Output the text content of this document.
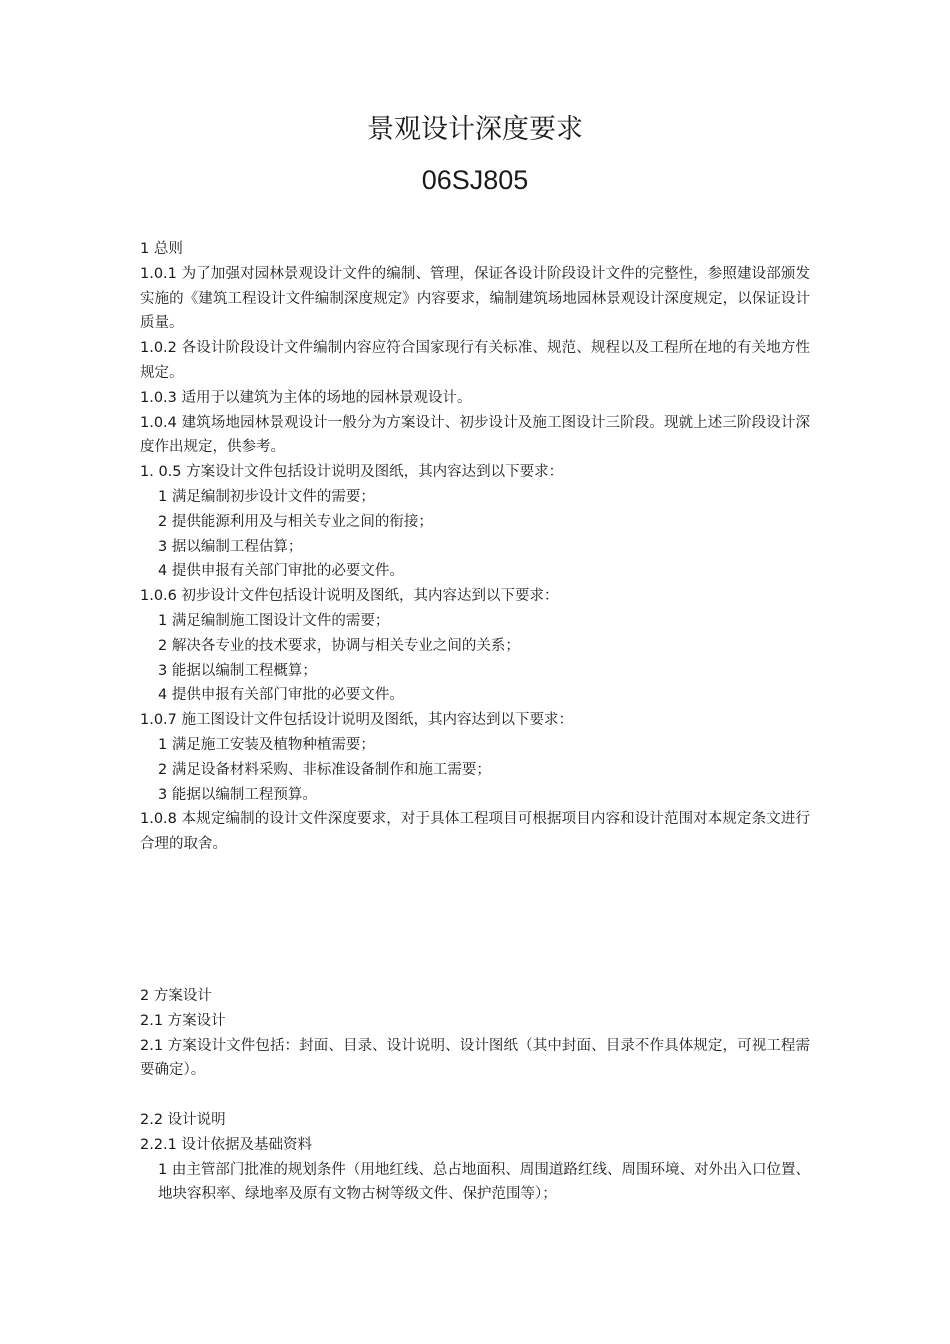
景观设计深度要求
06SJ805

1 总则

1.0.1 为了加强对园林景观设计文件的编制、管理，保证各设计阶段设计文件的完整性，参照建设部颁发实施的《建筑工程设计文件编制深度规定》内容要求，编制建筑场地园林景观设计深度规定，以保证设计质量。

1.0.2 各设计阶段设计文件编制内容应符合国家现行有关标准、规范、规程以及工程所在地的有关地方性规定。

1.0.3 适用于以建筑为主体的场地的园林景观设计。

1.0.4 建筑场地园林景观设计一般分为方案设计、初步设计及施工图设计三阶段。现就上述三阶段设计深度作出规定，供参考。

1. 0.5 方案设计文件包括设计说明及图纸，其内容达到以下要求：

1 满足编制初步设计文件的需要；

2 提供能源利用及与相关专业之间的衔接；

3 据以编制工程估算；

4 提供申报有关部门审批的必要文件。

1.0.6 初步设计文件包括设计说明及图纸，其内容达到以下要求：

1 满足编制施工图设计文件的需要；

2 解决各专业的技术要求，协调与相关专业之间的关系；

3 能据以编制工程概算；

4 提供申报有关部门审批的必要文件。

1.0.7 施工图设计文件包括设计说明及图纸，其内容达到以下要求：

1 满足施工安装及植物种植需要；

2 满足设备材料采购、非标准设备制作和施工需要；

3 能据以编制工程预算。

1.0.8 本规定编制的设计文件深度要求，对于具体工程项目可根据项目内容和设计范围对本规定条文进行合理的取舍。

2 方案设计

2.1 方案设计

2.1 方案设计文件包括：封面、目录、设计说明、设计图纸（其中封面、目录不作具体规定，可视工程需要确定）。

2.2 设计说明

2.2.1 设计依据及基础资料

1 由主管部门批准的规划条件（用地红线、总占地面积、周围道路红线、周围环境、对外出入口位置、地块容积率、绿地率及原有文物古树等级文件、保护范围等）；
